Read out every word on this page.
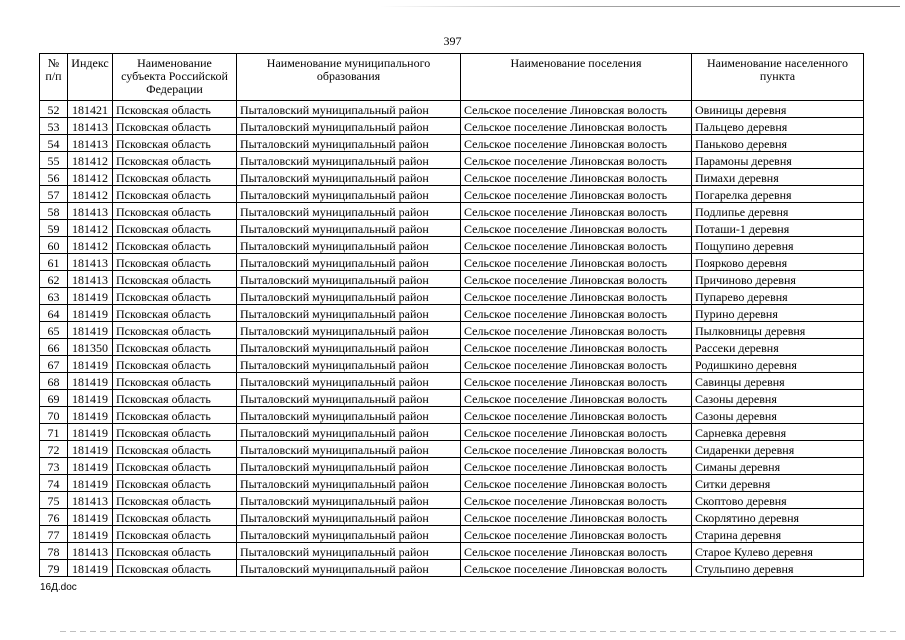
397
№ п/п	Индекс	Наименование субъекта Российской Федерации	Наименование муниципального образования	Наименование поселения	Наименование населенного пункта
52	181421	Псковская область	Пыталовский муниципальный район	Сельское поселение Линовская волость	Овиницы деревня
53	181413	Псковская область	Пыталовский муниципальный район	Сельское поселение Линовская волость	Пальцево деревня
54	181413	Псковская область	Пыталовский муниципальный район	Сельское поселение Линовская волость	Паньково деревня
55	181412	Псковская область	Пыталовский муниципальный район	Сельское поселение Линовская волость	Парамоны деревня
56	181412	Псковская область	Пыталовский муниципальный район	Сельское поселение Линовская волость	Пимахи деревня
57	181412	Псковская область	Пыталовский муниципальный район	Сельское поселение Линовская волость	Погарелка деревня
58	181413	Псковская область	Пыталовский муниципальный район	Сельское поселение Линовская волость	Подлипье деревня
59	181412	Псковская область	Пыталовский муниципальный район	Сельское поселение Линовская волость	Поташи-1 деревня
60	181412	Псковская область	Пыталовский муниципальный район	Сельское поселение Линовская волость	Пощупино деревня
61	181413	Псковская область	Пыталовский муниципальный район	Сельское поселение Линовская волость	Поярково деревня
62	181413	Псковская область	Пыталовский муниципальный район	Сельское поселение Линовская волость	Причиново деревня
63	181419	Псковская область	Пыталовский муниципальный район	Сельское поселение Линовская волость	Пупарево деревня
64	181419	Псковская область	Пыталовский муниципальный район	Сельское поселение Линовская волость	Пурино деревня
65	181419	Псковская область	Пыталовский муниципальный район	Сельское поселение Линовская волость	Пылковницы деревня
66	181350	Псковская область	Пыталовский муниципальный район	Сельское поселение Линовская волость	Рассеки деревня
67	181419	Псковская область	Пыталовский муниципальный район	Сельское поселение Линовская волость	Родишкино деревня
68	181419	Псковская область	Пыталовский муниципальный район	Сельское поселение Линовская волость	Савинцы деревня
69	181419	Псковская область	Пыталовский муниципальный район	Сельское поселение Линовская волость	Сазоны деревня
70	181419	Псковская область	Пыталовский муниципальный район	Сельское поселение Линовская волость	Сазоны деревня
71	181419	Псковская область	Пыталовский муниципальный район	Сельское поселение Линовская волость	Сарневка деревня
72	181419	Псковская область	Пыталовский муниципальный район	Сельское поселение Линовская волость	Сидаренки деревня
73	181419	Псковская область	Пыталовский муниципальный район	Сельское поселение Линовская волость	Симаны деревня
74	181419	Псковская область	Пыталовский муниципальный район	Сельское поселение Линовская волость	Ситки деревня
75	181413	Псковская область	Пыталовский муниципальный район	Сельское поселение Линовская волость	Скоптово деревня
76	181419	Псковская область	Пыталовский муниципальный район	Сельское поселение Линовская волость	Скорлятино деревня
77	181419	Псковская область	Пыталовский муниципальный район	Сельское поселение Линовская волость	Старина деревня
78	181413	Псковская область	Пыталовский муниципальный район	Сельское поселение Линовская волость	Старое Кулево деревня
79	181419	Псковская область	Пыталовский муниципальный район	Сельское поселение Линовская волость	Стульпино деревня
16Д.doc
